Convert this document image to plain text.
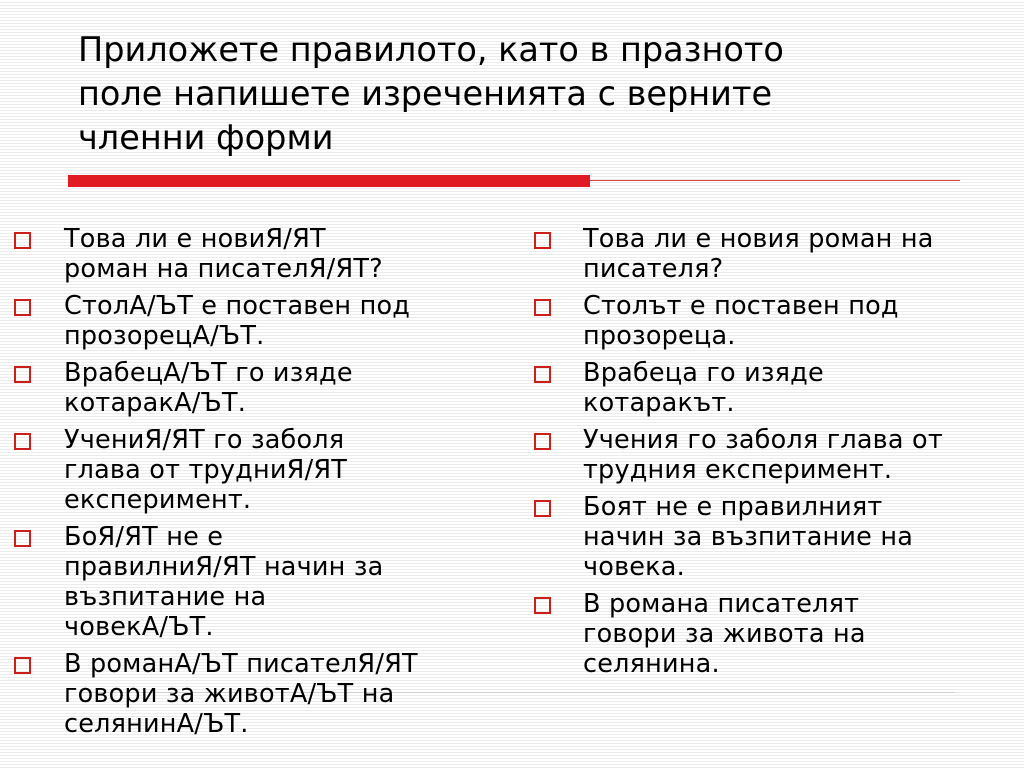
Приложете правилото, като в празното
поле напишете изреченията с верните
членни форми
Това ли е новиЯ/ЯТ
роман на писателЯ/ЯТ?
СтолА/ЪТ е поставен под
прозорецА/ЪТ.
ВрабецА/ЪТ го изяде
котаракА/ЪТ.
УчениЯ/ЯТ го заболя
глава от трудниЯ/ЯТ
експеримент.
БоЯ/ЯТ не е
правилниЯ/ЯТ начин за
възпитание на
човекА/ЪТ.
В романА/ЪТ писателЯ/ЯТ
говори за животА/ЪТ на
селянинА/ЪТ.
Това ли е новия роман на
писателя?
Столът е поставен под
прозореца.
Врабеца го изяде
котаракът.
Учения го заболя глава от
трудния експеримент.
Боят не е правилният
начин за възпитание на
човека.
В романа писателят
говори за живота на
селянина.
